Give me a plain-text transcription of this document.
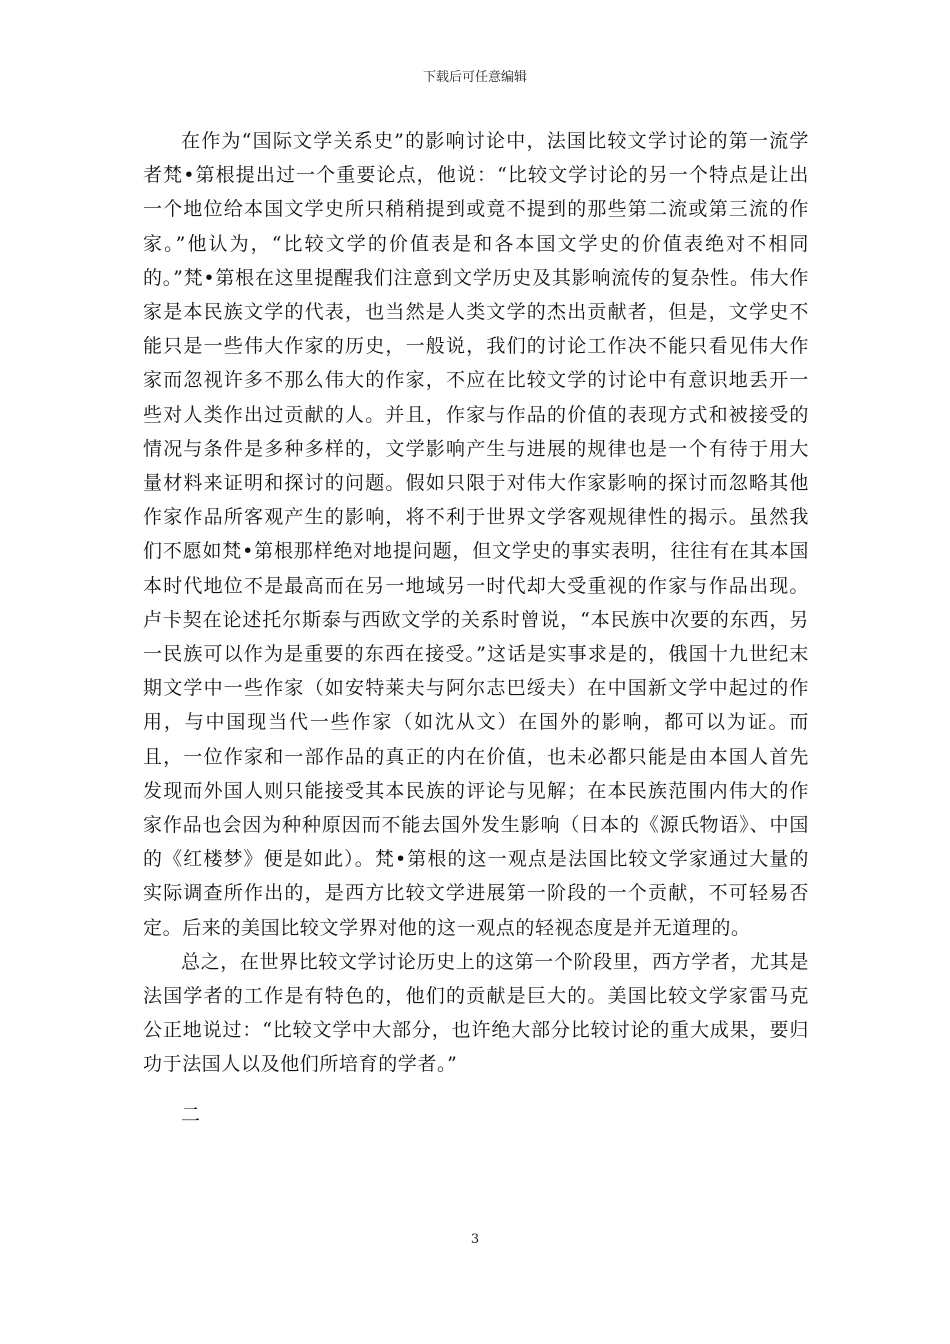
下载后可任意编辑

在作为“国际文学关系史”的影响讨论中，法国比较文学讨论的第一流学者梵•第根提出过一个重要论点，他说：“比较文学讨论的另一个特点是让出一个地位给本国文学史所只稍稍提到或竟不提到的那些第二流或第三流的作家。”他认为，“比较文学的价值表是和各本国文学史的价值表绝对不相同的。”梵•第根在这里提醒我们注意到文学历史及其影响流传的复杂性。伟大作家是本民族文学的代表，也当然是人类文学的杰出贡献者，但是，文学史不能只是一些伟大作家的历史，一般说，我们的讨论工作决不能只看见伟大作家而忽视许多不那么伟大的作家，不应在比较文学的讨论中有意识地丢开一些对人类作出过贡献的人。并且，作家与作品的价值的表现方式和被接受的情况与条件是多种多样的，文学影响产生与进展的规律也是一个有待于用大量材料来证明和探讨的问题。假如只限于对伟大作家影响的探讨而忽略其他作家作品所客观产生的影响，将不利于世界文学客观规律性的揭示。虽然我们不愿如梵•第根那样绝对地提问题，但文学史的事实表明，往往有在其本国本时代地位不是最高而在另一地域另一时代却大受重视的作家与作品出现。卢卡契在论述托尔斯泰与西欧文学的关系时曾说，“本民族中次要的东西，另一民族可以作为是重要的东西在接受。”这话是实事求是的，俄国十九世纪末期文学中一些作家（如安特莱夫与阿尔志巴绥夫）在中国新文学中起过的作用，与中国现当代一些作家（如沈从文）在国外的影响，都可以为证。而且，一位作家和一部作品的真正的内在价值，也未必都只能是由本国人首先发现而外国人则只能接受其本民族的评论与见解；在本民族范围内伟大的作家作品也会因为种种原因而不能去国外发生影响（日本的《源氏物语》、中国的《红楼梦》便是如此）。梵•第根的这一观点是法国比较文学家通过大量的实际调查所作出的，是西方比较文学进展第一阶段的一个贡献，不可轻易否定。后来的美国比较文学界对他的这一观点的轻视态度是并无道理的。

总之，在世界比较文学讨论历史上的这第一个阶段里，西方学者，尤其是法国学者的工作是有特色的，他们的贡献是巨大的。美国比较文学家雷马克公正地说过：“比较文学中大部分，也许绝大部分比较讨论的重大成果，要归功于法国人以及他们所培育的学者。”

二

3
